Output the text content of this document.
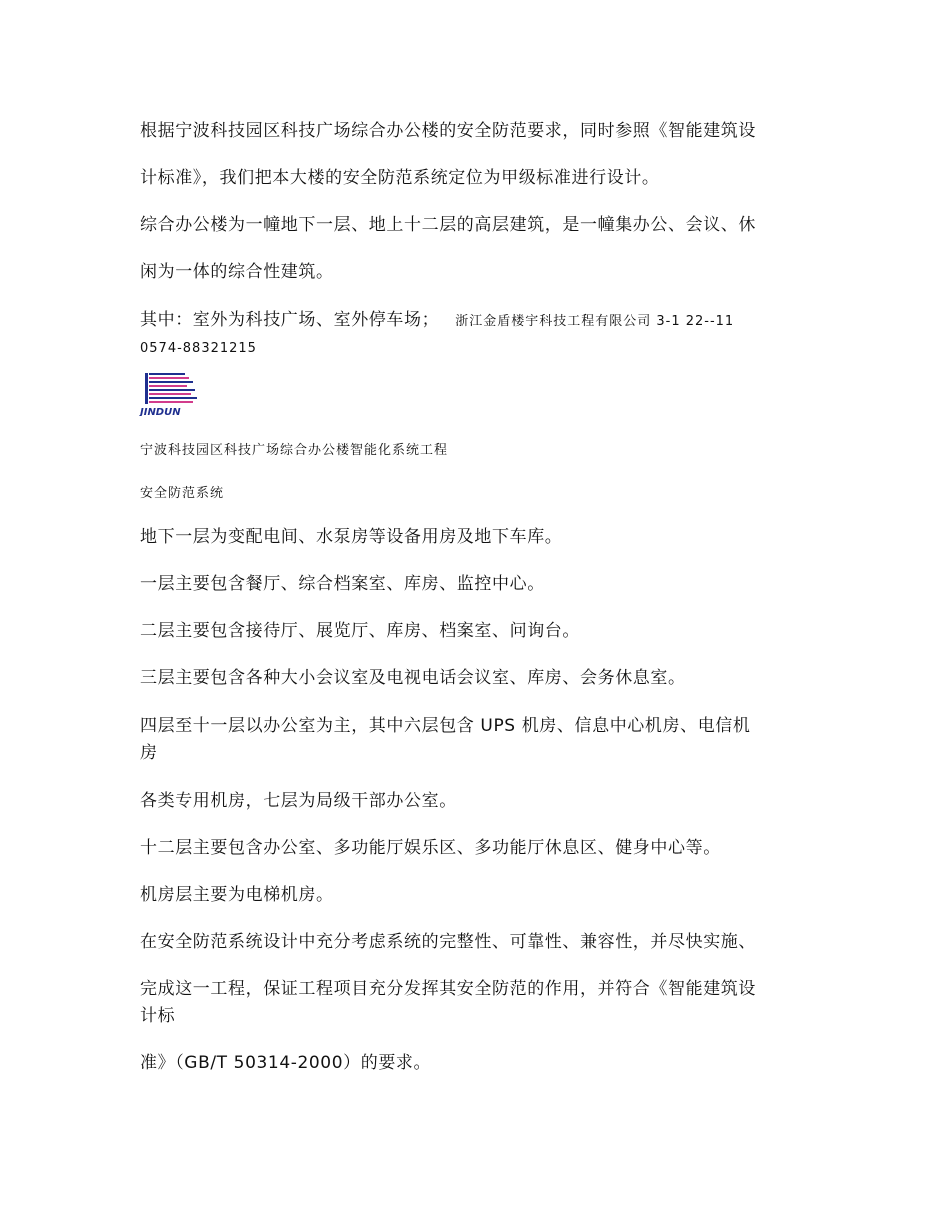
根据宁波科技园区科技广场综合办公楼的安全防范要求，同时参照《智能建筑设
计标准》，我们把本大楼的安全防范系统定位为甲级标准进行设计。
综合办公楼为一幢地下一层、地上十二层的高层建筑，是一幢集办公、会议、休
闲为一体的综合性建筑。
其中：室外为科技广场、室外停车场； 浙江金盾楼宇科技工程有限公司 3-1 22--11
0574-88321215
JINDUN
宁波科技园区科技广场综合办公楼智能化系统工程
安全防范系统
地下一层为变配电间、水泵房等设备用房及地下车库。
一层主要包含餐厅、综合档案室、库房、监控中心。
二层主要包含接待厅、展览厅、库房、档案室、问询台。
三层主要包含各种大小会议室及电视电话会议室、库房、会务休息室。
四层至十一层以办公室为主，其中六层包含 UPS 机房、信息中心机房、电信机
房
各类专用机房，七层为局级干部办公室。
十二层主要包含办公室、多功能厅娱乐区、多功能厅休息区、健身中心等。
机房层主要为电梯机房。
在安全防范系统设计中充分考虑系统的完整性、可靠性、兼容性，并尽快实施、
完成这一工程，保证工程项目充分发挥其安全防范的作用，并符合《智能建筑设
计标
准》（GB/T 50314-2000）的要求。
